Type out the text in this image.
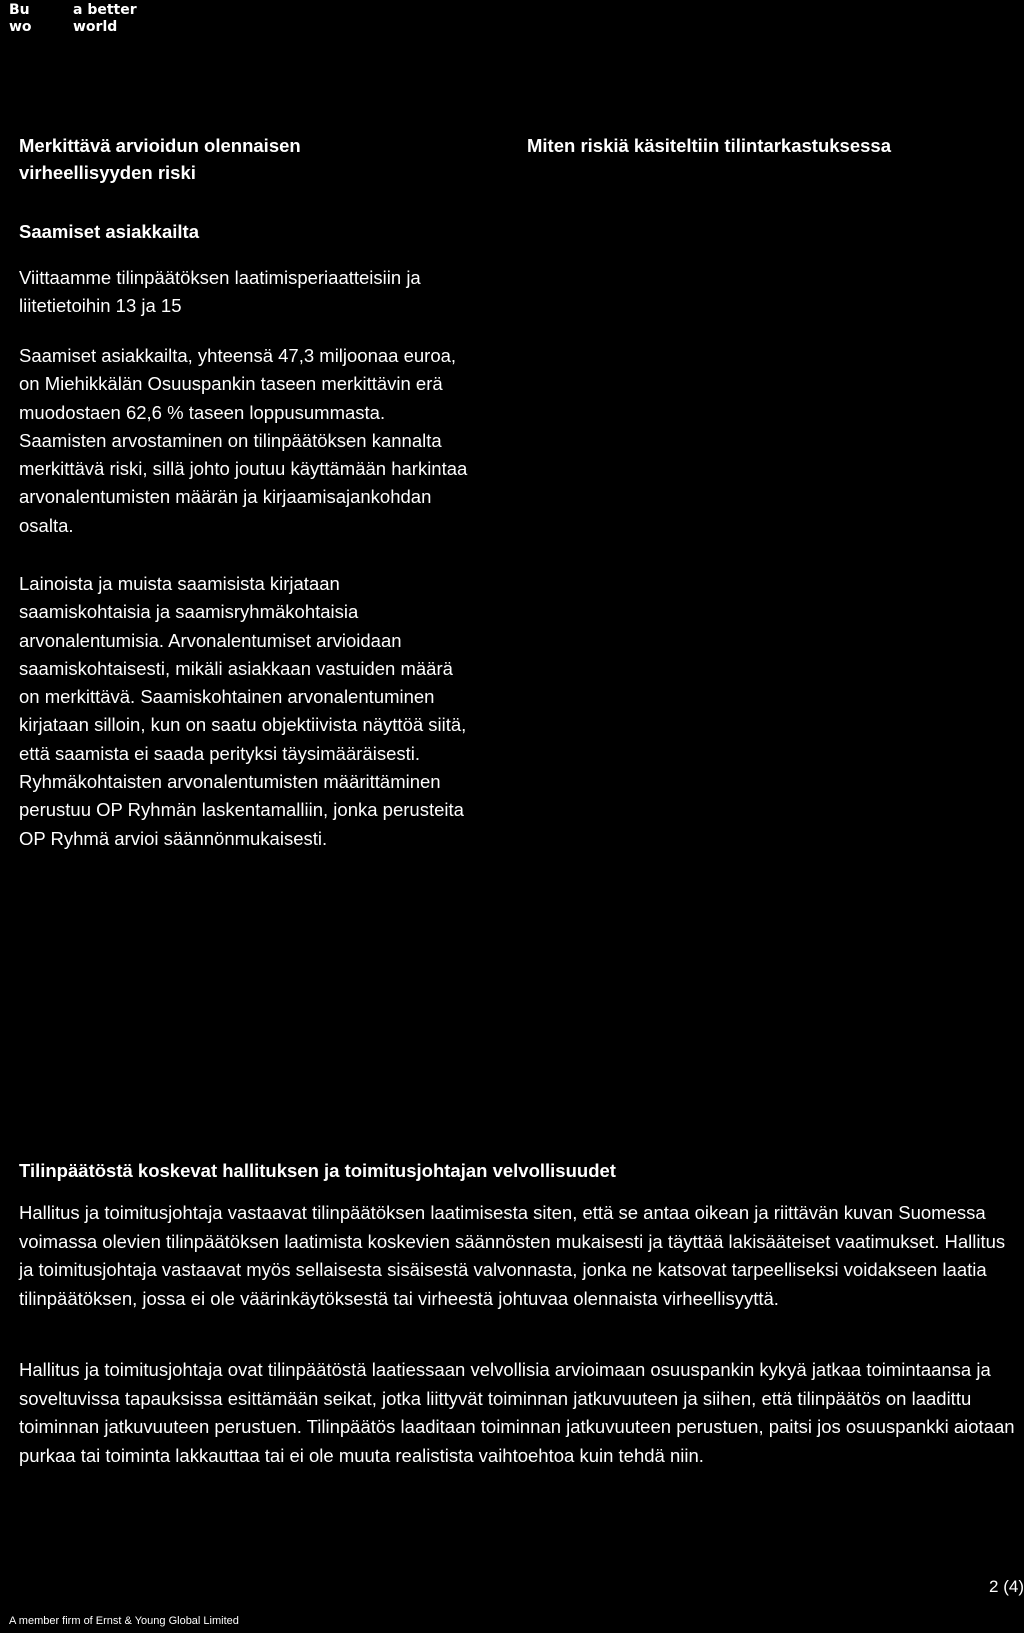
Bu	a better
wo	world
Merkittävä arvioidun olennaisen virheellisyyden riski
Miten riskiä käsiteltiin tilintarkastuksessa
Saamiset asiakkailta

Viittaamme tilinpäätöksen laatimisperiaatteisiin ja liitetietoihin 13 ja 15

Saamiset asiakkailta, yhteensä 47,3 miljoonaa euroa, on Miehikkälän Osuuspankin taseen merkittävin erä muodostaen 62,6 % taseen loppusummasta. Saamisten arvostaminen on tilinpäätöksen kannalta merkittävä riski, sillä johto joutuu käyttämään harkintaa arvonalentumisten määrän ja kirjaamisajankohdan osalta.

Lainoista ja muista saamisista kirjataan saamiskohtaisia ja saamisryhmäkohtaisia arvonalentumisia. Arvonalentumiset arvioidaan saamiskohtaisesti, mikäli asiakkaan vastuiden määrä on merkittävä. Saamiskohtainen arvonalentuminen kirjataan silloin, kun on saatu objektiivista näyttöä siitä, että saamista ei saada perityksi täysimääräisesti. Ryhmäkohtaisten arvonalentumisten määrittäminen perustuu OP Ryhmän laskentamalliin, jonka perusteita OP Ryhmä arvioi säännönmukaisesti.

Tilinpäätöstä koskevat hallituksen ja toimitusjohtajan velvollisuudet

Hallitus ja toimitusjohtaja vastaavat tilinpäätöksen laatimisesta siten, että se antaa oikean ja riittävän kuvan Suomessa voimassa olevien tilinpäätöksen laatimista koskevien säännösten mukaisesti ja täyttää lakisääteiset vaatimukset. Hallitus ja toimitusjohtaja vastaavat myös sellaisesta sisäisestä valvonnasta, jonka ne katsovat tarpeelliseksi voidakseen laatia tilinpäätöksen, jossa ei ole väärinkäytöksestä tai virheestä johtuvaa olennaista virheellisyyttä.

Hallitus ja toimitusjohtaja ovat tilinpäätöstä laatiessaan velvollisia arvioimaan osuuspankin kykyä jatkaa toimintaansa ja soveltuvissa tapauksissa esittämään seikat, jotka liittyvät toiminnan jatkuvuuteen ja siihen, että tilinpäätös on laadittu toiminnan jatkuvuuteen perustuen. Tilinpäätös laaditaan toiminnan jatkuvuuteen perustuen, paitsi jos osuuspankki aiotaan purkaa tai toiminta lakkauttaa tai ei ole muuta realistista vaihtoehtoa kuin tehdä niin.

2 (4)
A member firm of Ernst & Young Global Limited
